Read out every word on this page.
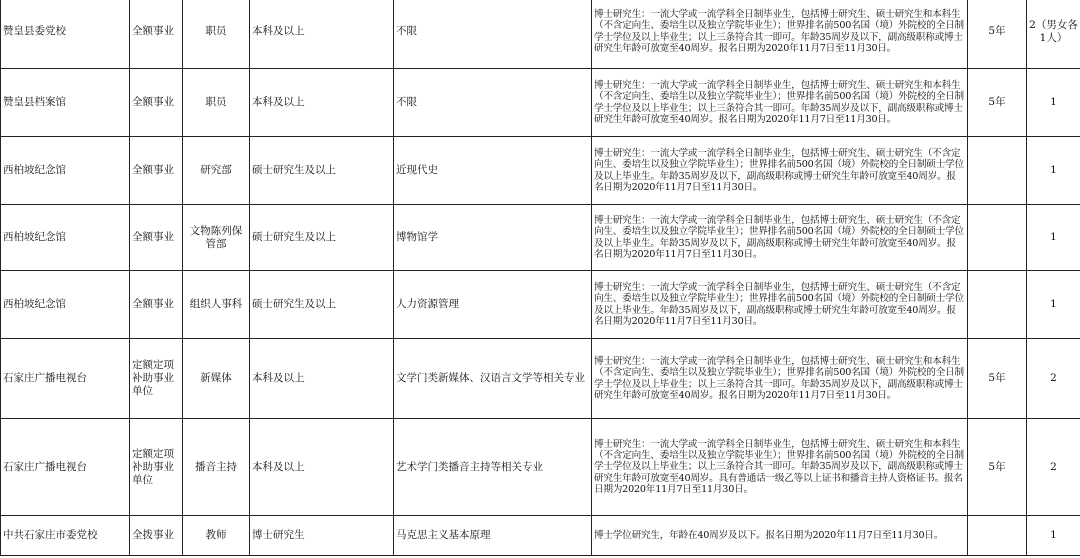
赞皇县委党校	全额事业	职员	本科及以上	不限	博士研究生：一流大学或一流学科全日制毕业生，包括博士研究生、硕士研究生和本科生（不含定向生、委培生以及独立学院毕业生）；世界排名前500名国（境）外院校的全日制学士学位及以上毕业生；以上三条符合其一即可。年龄35周岁及以下，副高级职称或博士研究生年龄可放宽至40周岁。报名日期为2020年11月7日至11月30日。	5年	2（男女各1人）
赞皇县档案馆	全额事业	职员	本科及以上	不限	博士研究生：一流大学或一流学科全日制毕业生，包括博士研究生、硕士研究生和本科生（不含定向生、委培生以及独立学院毕业生）；世界排名前500名国（境）外院校的全日制学士学位及以上毕业生；以上三条符合其一即可。年龄35周岁及以下，副高级职称或博士研究生年龄可放宽至40周岁。报名日期为2020年11月7日至11月30日。	5年	1
西柏坡纪念馆	全额事业	研究部	硕士研究生及以上	近现代史	博士研究生：一流大学或一流学科全日制毕业生，包括博士研究生、硕士研究生（不含定向生、委培生以及独立学院毕业生）；世界排名前500名国（境）外院校的全日制硕士学位及以上毕业生。年龄35周岁及以下，副高级职称或博士研究生年龄可放宽至40周岁。报名日期为2020年11月7日至11月30日。		1
西柏坡纪念馆	全额事业	文物陈列保管部	硕士研究生及以上	博物馆学	博士研究生：一流大学或一流学科全日制毕业生，包括博士研究生、硕士研究生（不含定向生、委培生以及独立学院毕业生）；世界排名前500名国（境）外院校的全日制硕士学位及以上毕业生。年龄35周岁及以下，副高级职称或博士研究生年龄可放宽至40周岁。报名日期为2020年11月7日至11月30日。		1
西柏坡纪念馆	全额事业	组织人事科	硕士研究生及以上	人力资源管理	博士研究生：一流大学或一流学科全日制毕业生，包括博士研究生、硕士研究生（不含定向生、委培生以及独立学院毕业生）；世界排名前500名国（境）外院校的全日制硕士学位及以上毕业生。年龄35周岁及以下，副高级职称或博士研究生年龄可放宽至40周岁。报名日期为2020年11月7日至11月30日。		1
石家庄广播电视台	定额定项补助事业单位	新媒体	本科及以上	文学门类新媒体、汉语言文学等相关专业	博士研究生：一流大学或一流学科全日制毕业生，包括博士研究生、硕士研究生和本科生（不含定向生、委培生以及独立学院毕业生）；世界排名前500名国（境）外院校的全日制学士学位及以上毕业生；以上三条符合其一即可。年龄35周岁及以下，副高级职称或博士研究生年龄可放宽至40周岁。报名日期为2020年11月7日至11月30日。	5年	2
石家庄广播电视台	定额定项补助事业单位	播音主持	本科及以上	艺术学门类播音主持等相关专业	博士研究生：一流大学或一流学科全日制毕业生，包括博士研究生、硕士研究生和本科生（不含定向生、委培生以及独立学院毕业生）；世界排名前500名国（境）外院校的全日制学士学位及以上毕业生；以上三条符合其一即可。年龄35周岁及以下，副高级职称或博士研究生年龄可放宽至40周岁。具有普通话一级乙等以上证书和播音主持人资格证书。报名日期为2020年11月7日至11月30日。	5年	2
中共石家庄市委党校	全拨事业	教师	博士研究生	马克思主义基本原理	博士学位研究生，年龄在40周岁及以下。报名日期为2020年11月7日至11月30日。		1
